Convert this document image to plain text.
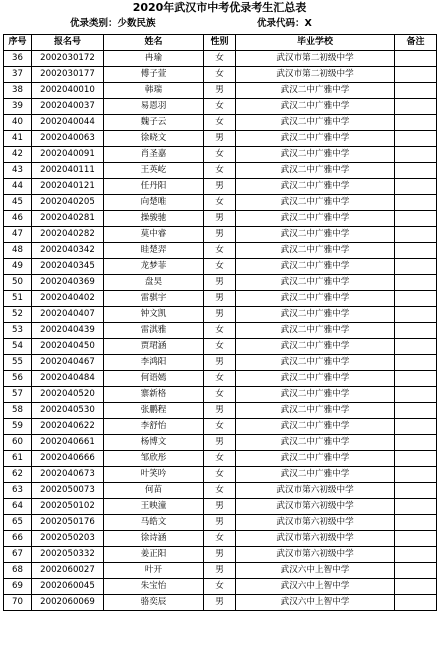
2020年武汉市中考优录考生汇总表
优录类别：少数民族	优录代码：X
序号	报名号	姓名	性别	毕业学校	备注
36	2002030172	冉瑜	女	武汉市第二初级中学	
37	2002030177	傅子萱	女	武汉市第二初级中学	
38	2002040010	韩瑞	男	武汉二中广雅中学	
39	2002040037	易恩羽	女	武汉二中广雅中学	
40	2002040044	魏子云	女	武汉二中广雅中学	
41	2002040063	徐晓文	男	武汉二中广雅中学	
42	2002040091	肖圣嘉	女	武汉二中广雅中学	
43	2002040111	王英屹	女	武汉二中广雅中学	
44	2002040121	任丹阳	男	武汉二中广雅中学	
45	2002040205	向楚唯	女	武汉二中广雅中学	
46	2002040281	操骏驰	男	武汉二中广雅中学	
47	2002040282	莫中睿	男	武汉二中广雅中学	
48	2002040342	眭楚羿	女	武汉二中广雅中学	
49	2002040345	龙梦菲	女	武汉二中广雅中学	
50	2002040369	盘昊	男	武汉二中广雅中学	
51	2002040402	雷骐宇	男	武汉二中广雅中学	
52	2002040407	钟文凯	男	武汉二中广雅中学	
53	2002040439	雷淇雅	女	武汉二中广雅中学	
54	2002040450	贾珺涵	女	武汉二中广雅中学	
55	2002040467	李鸿阳	男	武汉二中广雅中学	
56	2002040484	何语嫣	女	武汉二中广雅中学	
57	2002040520	寨新格	女	武汉二中广雅中学	
58	2002040530	张鹏程	男	武汉二中广雅中学	
59	2002040622	李舒怡	女	武汉二中广雅中学	
60	2002040661	杨博文	男	武汉二中广雅中学	
61	2002040666	邹欣彤	女	武汉二中广雅中学	
62	2002040673	叶笑吟	女	武汉二中广雅中学	
63	2002050073	何苗	女	武汉市第六初级中学	
64	2002050102	王映潼	男	武汉市第六初级中学	
65	2002050176	马皓文	男	武汉市第六初级中学	
66	2002050203	徐诗涵	女	武汉市第六初级中学	
67	2002050332	姜正阳	男	武汉市第六初级中学	
68	2002060027	叶开	男	武汉六中上智中学	
69	2002060045	朱宝怡	女	武汉六中上智中学	
70	2002060069	骆奕辰	男	武汉六中上智中学	
